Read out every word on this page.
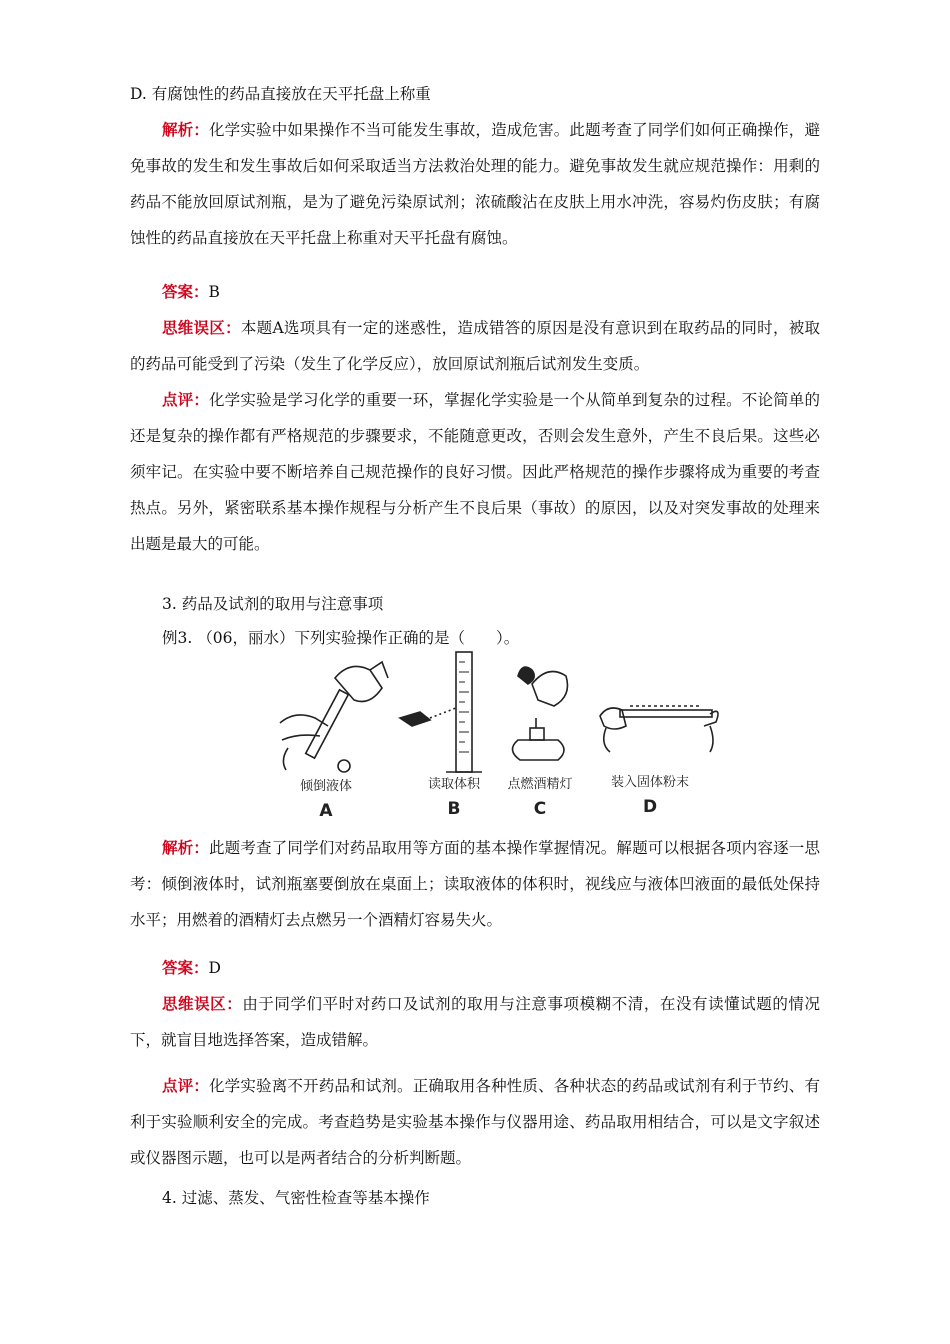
D. 有腐蚀性的药品直接放在天平托盘上称重
解析：化学实验中如果操作不当可能发生事故，造成危害。此题考查了同学们如何正确操作，避免事故的发生和发生事故后如何采取适当方法救治处理的能力。避免事故发生就应规范操作：用剩的药品不能放回原试剂瓶，是为了避免污染原试剂；浓硫酸沾在皮肤上用水冲洗，容易灼伤皮肤；有腐蚀性的药品直接放在天平托盘上称重对天平托盘有腐蚀。
答案：B
思维误区：本题A选项具有一定的迷惑性，造成错答的原因是没有意识到在取药品的同时，被取的药品可能受到了污染（发生了化学反应），放回原试剂瓶后试剂发生变质。
点评：化学实验是学习化学的重要一环，掌握化学实验是一个从简单到复杂的过程。不论简单的还是复杂的操作都有严格规范的步骤要求，不能随意更改，否则会发生意外，产生不良后果。这些必须牢记。在实验中要不断培养自己规范操作的良好习惯。因此严格规范的操作步骤将成为重要的考查热点。另外，紧密联系基本操作规程与分析产生不良后果（事故）的原因，以及对突发事故的处理来出题是最大的可能。
3. 药品及试剂的取用与注意事项
例3. （06，丽水）下列实验操作正确的是（　　）。
倾倒液体
A
读取体积
B
点燃酒精灯
C
装入固体粉末
D
解析：此题考查了同学们对药品取用等方面的基本操作掌握情况。解题可以根据各项内容逐一思考：倾倒液体时，试剂瓶塞要倒放在桌面上；读取液体的体积时，视线应与液体凹液面的最低处保持水平；用燃着的酒精灯去点燃另一个酒精灯容易失火。
答案：D
思维误区：由于同学们平时对药口及试剂的取用与注意事项模糊不清，在没有读懂试题的情况下，就盲目地选择答案，造成错解。
点评：化学实验离不开药品和试剂。正确取用各种性质、各种状态的药品或试剂有利于节约、有利于实验顺利安全的完成。考查趋势是实验基本操作与仪器用途、药品取用相结合，可以是文字叙述或仪器图示题，也可以是两者结合的分析判断题。
4. 过滤、蒸发、气密性检查等基本操作
